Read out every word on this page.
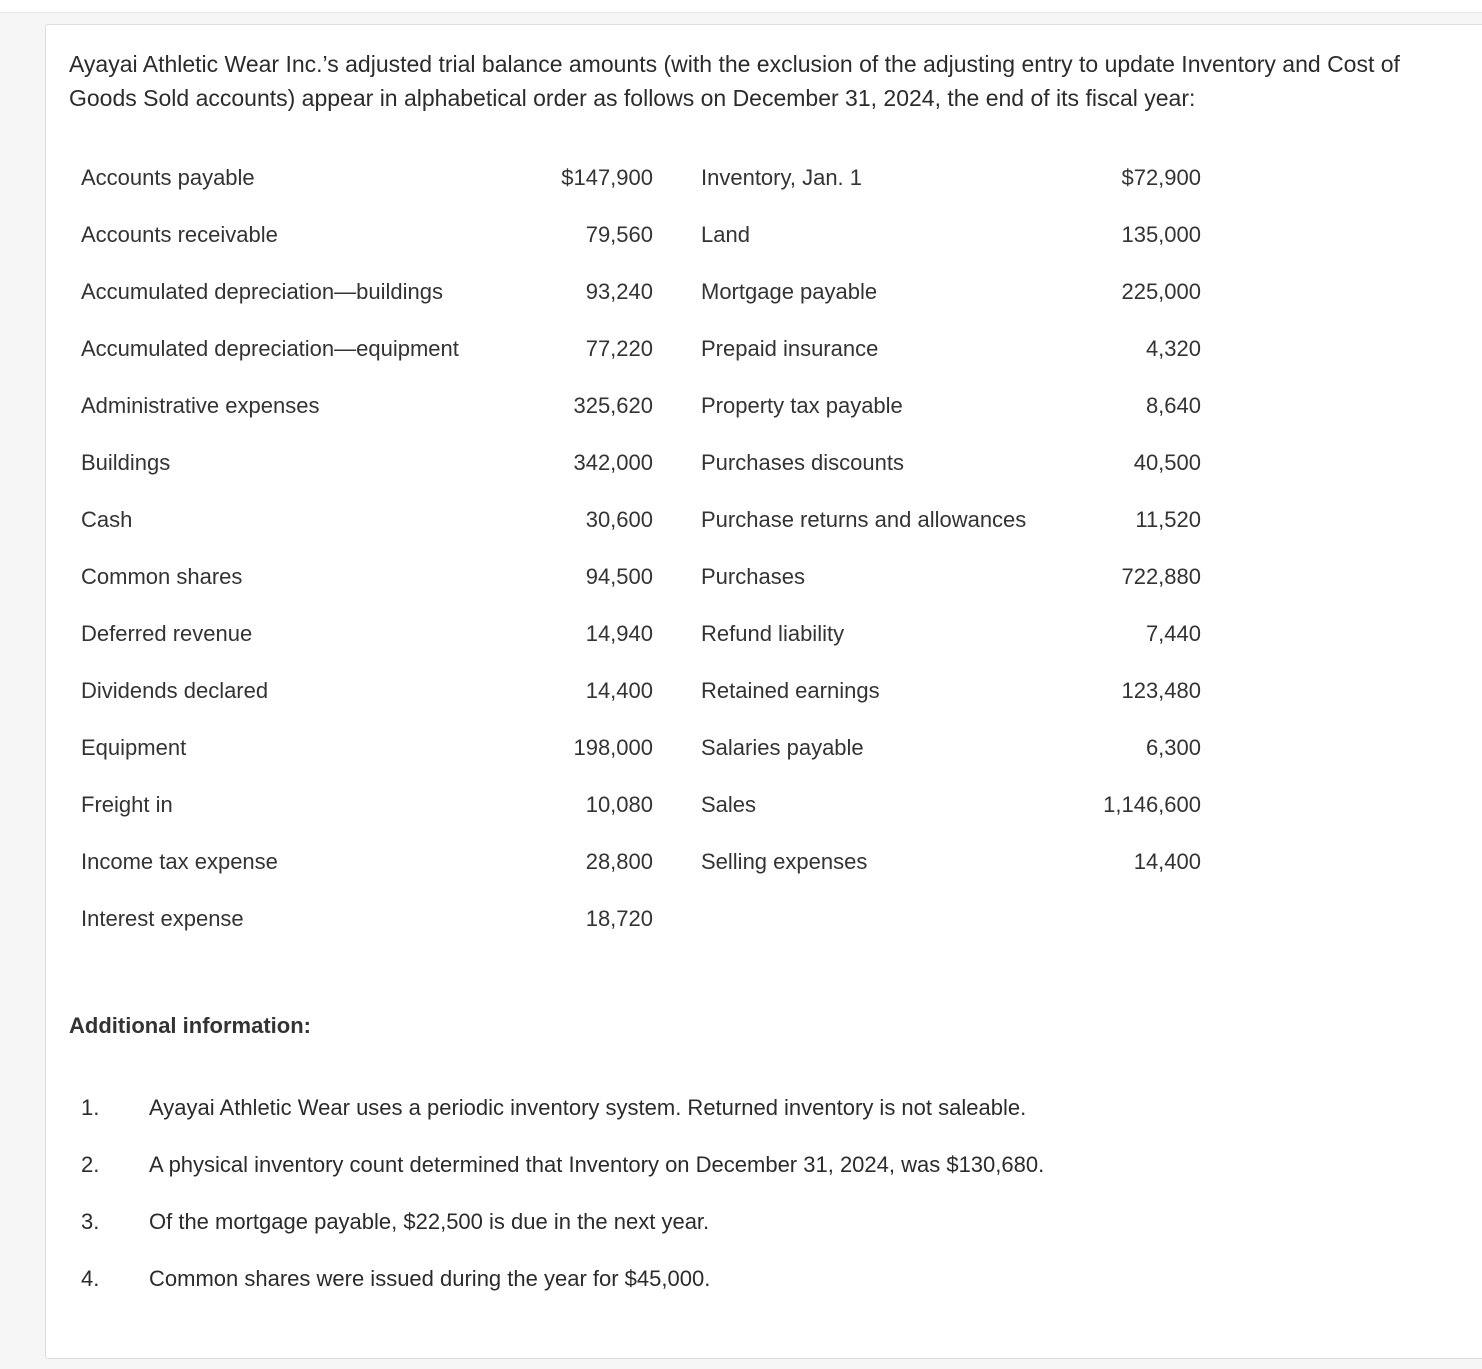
Ayayai Athletic Wear Inc.’s adjusted trial balance amounts (with the exclusion of the adjusting entry to update Inventory and Cost of Goods Sold accounts) appear in alphabetical order as follows on December 31, 2024, the end of its fiscal year:

Accounts payable	$147,900		Inventory, Jan. 1	$72,900
Accounts receivable	79,560		Land	135,000
Accumulated depreciation—buildings	93,240		Mortgage payable	225,000
Accumulated depreciation—equipment	77,220		Prepaid insurance	4,320
Administrative expenses	325,620		Property tax payable	8,640
Buildings	342,000		Purchases discounts	40,500
Cash	30,600		Purchase returns and allowances	11,520
Common shares	94,500		Purchases	722,880
Deferred revenue	14,940		Refund liability	7,440
Dividends declared	14,400		Retained earnings	123,480
Equipment	198,000		Salaries payable	6,300
Freight in	10,080		Sales	1,146,600
Income tax expense	28,800		Selling expenses	14,400
Interest expense	18,720			

Additional information:

1. Ayayai Athletic Wear uses a periodic inventory system. Returned inventory is not saleable.
2. A physical inventory count determined that Inventory on December 31, 2024, was $130,680.
3. Of the mortgage payable, $22,500 is due in the next year.
4. Common shares were issued during the year for $45,000.
